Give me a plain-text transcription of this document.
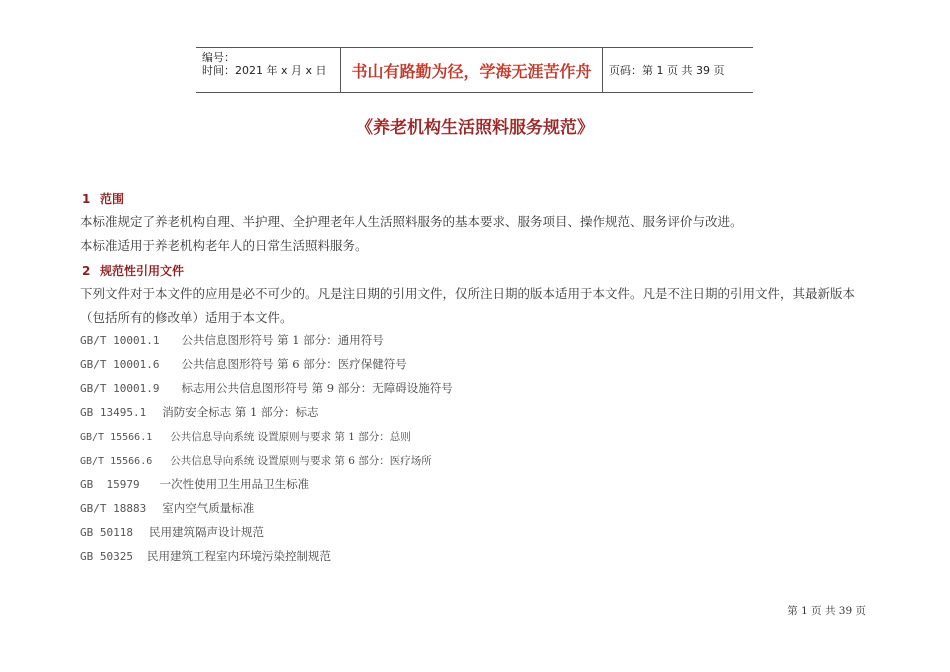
编号：
时间：2021 年 x 月 x 日	书山有路勤为径，学海无涯苦作舟	页码：第 1 页 共 39 页
《养老机构生活照料服务规范》
1 范围
本标准规定了养老机构自理、半护理、全护理老年人生活照料服务的基本要求、服务项目、操作规范、服务评价与改进。
本标准适用于养老机构老年人的日常生活照料服务。
2 规范性引用文件
下列文件对于本文件的应用是必不可少的。凡是注日期的引用文件，仅所注日期的版本适用于本文件。凡是不注日期的引用文件，其最新版本
（包括所有的修改单）适用于本文件。
GB/T 10001.1 公共信息图形符号 第 1 部分：通用符号
GB/T 10001.6 公共信息图形符号 第 6 部分：医疗保健符号
GB/T 10001.9 标志用公共信息图形符号 第 9 部分：无障碍设施符号
GB 13495.1 消防安全标志 第 1 部分：标志
GB/T 15566.1 公共信息导向系统 设置原则与要求 第 1 部分：总则
GB/T 15566.6 公共信息导向系统 设置原则与要求 第 6 部分：医疗场所
GB  15979 一次性使用卫生用品卫生标准
GB/T 18883 室内空气质量标准
GB 50118 民用建筑隔声设计规范
GB 50325 民用建筑工程室内环境污染控制规范
第 1 页 共 39 页
